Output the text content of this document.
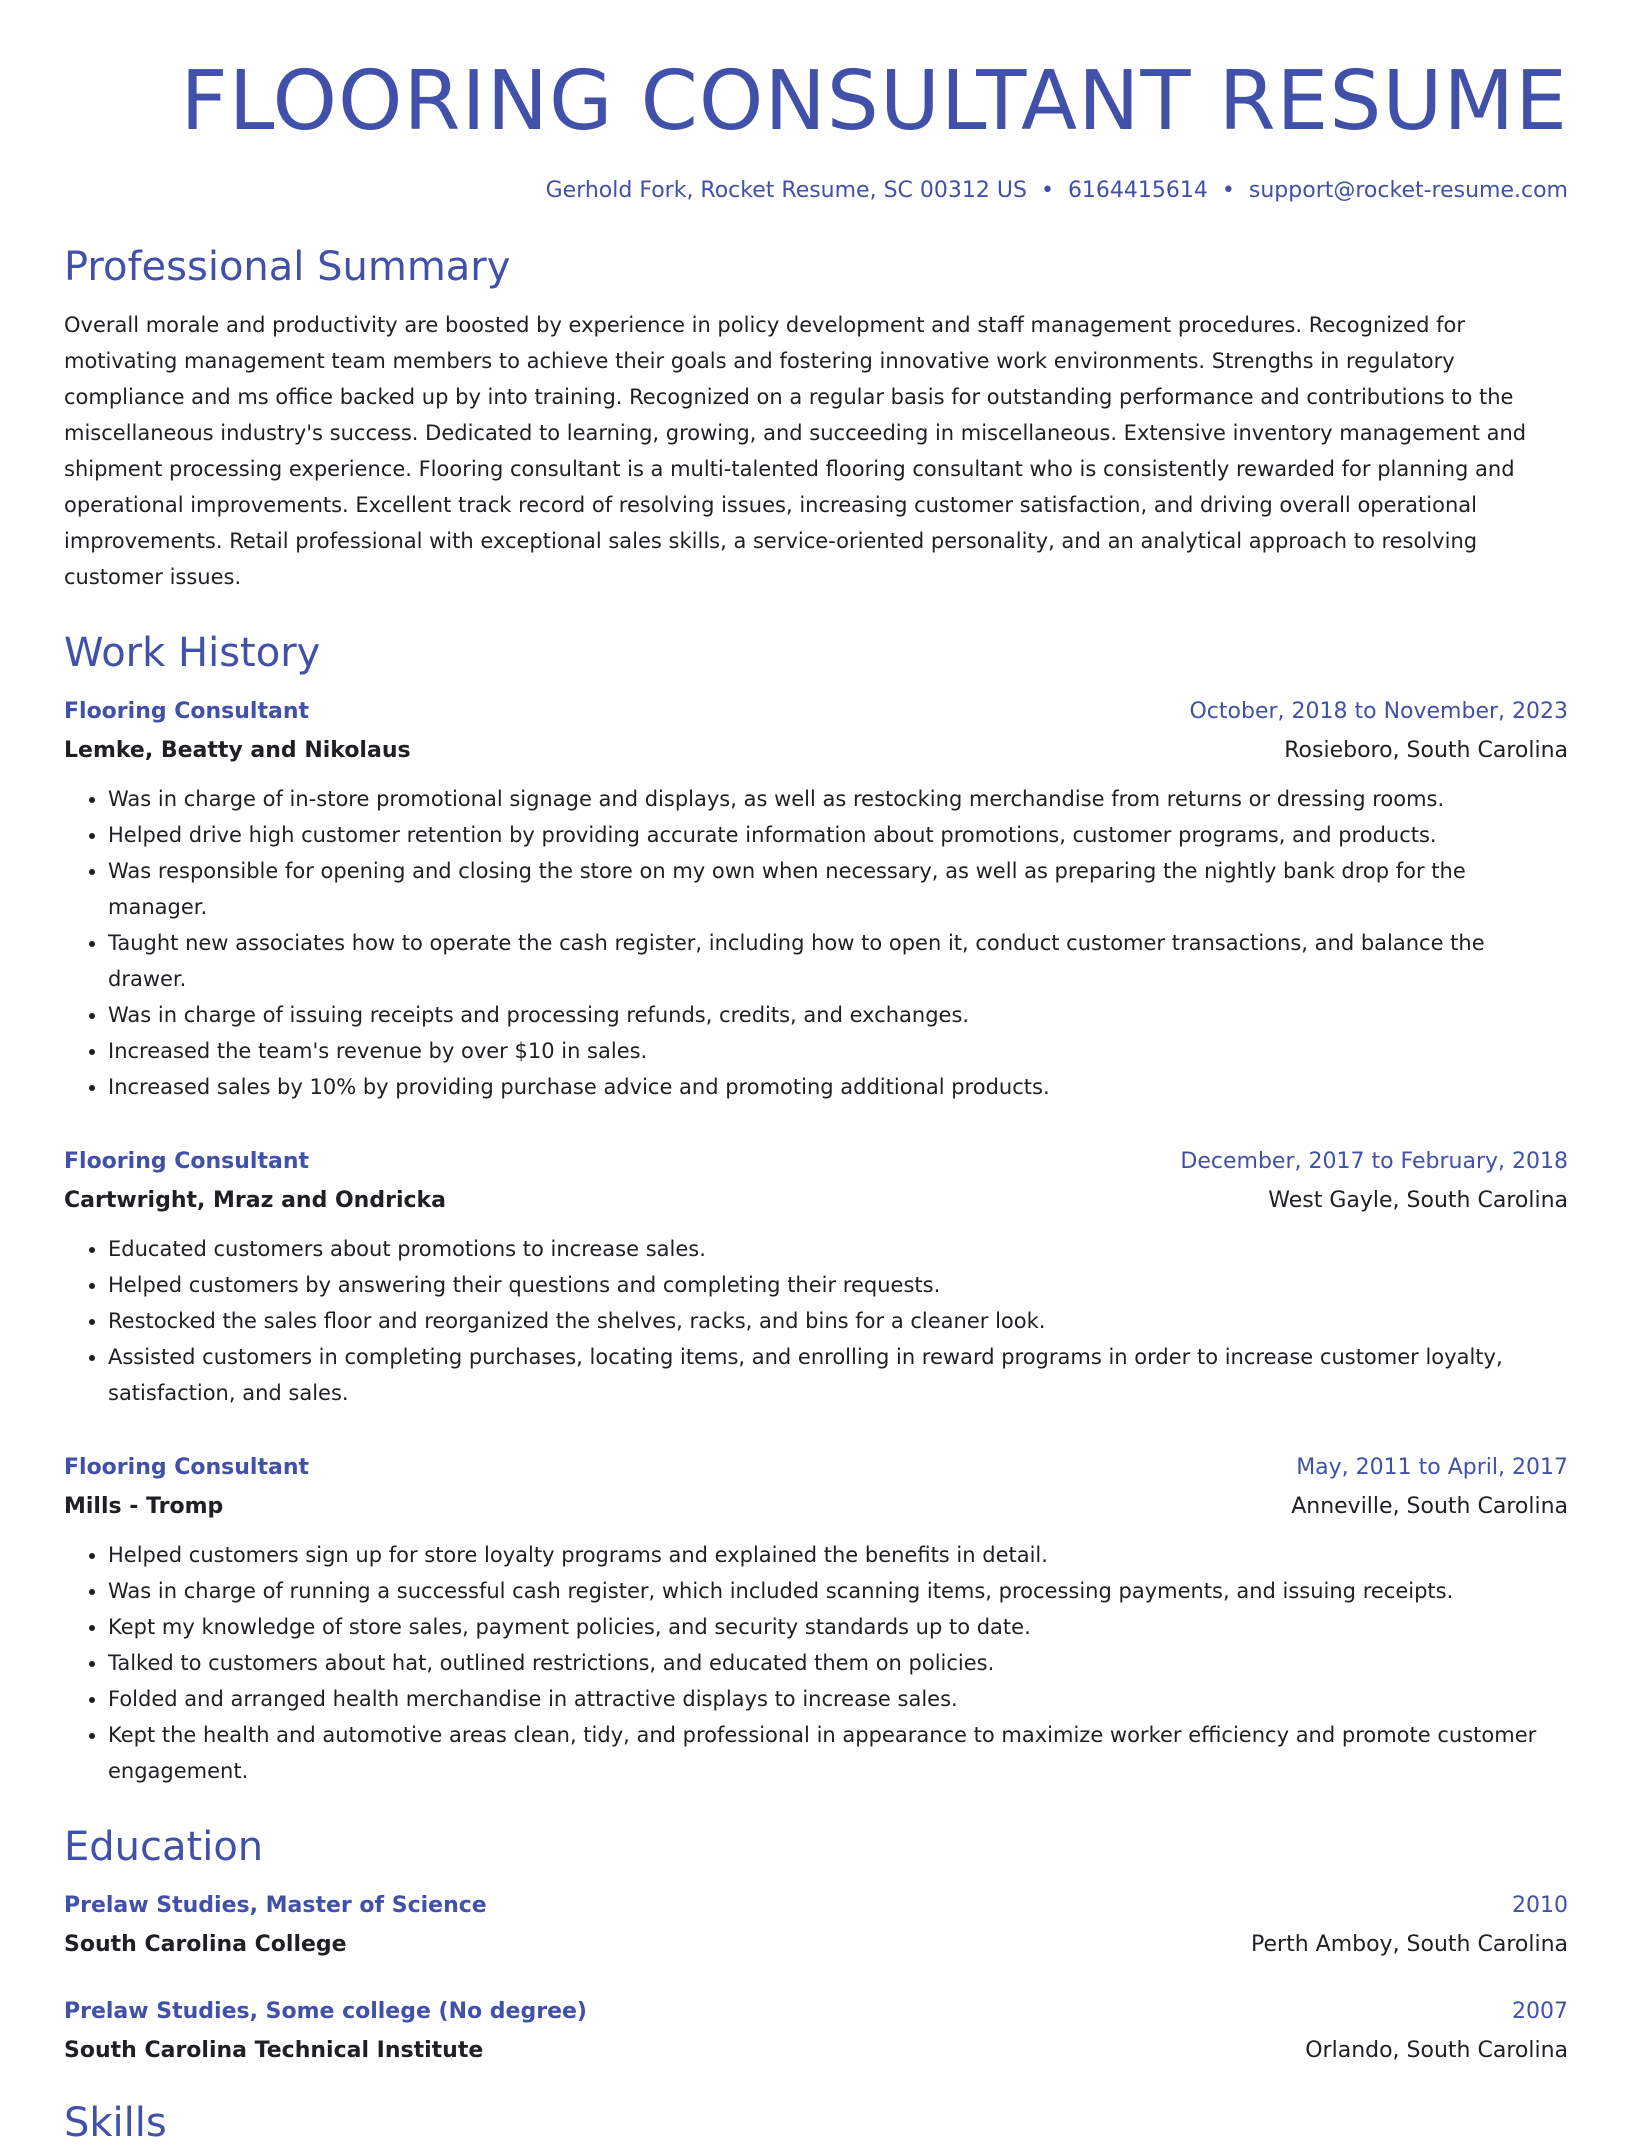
FLOORING CONSULTANT RESUME
Gerhold Fork, Rocket Resume, SC 00312 US • 6164415614 • support@rocket-resume.com
Professional Summary
Overall morale and productivity are boosted by experience in policy development and staff management procedures. Recognized for motivating management team members to achieve their goals and fostering innovative work environments. Strengths in regulatory compliance and ms office backed up by into training. Recognized on a regular basis for outstanding performance and contributions to the miscellaneous industry's success. Dedicated to learning, growing, and succeeding in miscellaneous. Extensive inventory management and shipment processing experience. Flooring consultant is a multi-talented flooring consultant who is consistently rewarded for planning and operational improvements. Excellent track record of resolving issues, increasing customer satisfaction, and driving overall operational improvements. Retail professional with exceptional sales skills, a service-oriented personality, and an analytical approach to resolving customer issues.
Work History
Flooring Consultant	October, 2018 to November, 2023
Lemke, Beatty and Nikolaus	Rosieboro, South Carolina
• Was in charge of in-store promotional signage and displays, as well as restocking merchandise from returns or dressing rooms.
• Helped drive high customer retention by providing accurate information about promotions, customer programs, and products.
• Was responsible for opening and closing the store on my own when necessary, as well as preparing the nightly bank drop for the manager.
• Taught new associates how to operate the cash register, including how to open it, conduct customer transactions, and balance the drawer.
• Was in charge of issuing receipts and processing refunds, credits, and exchanges.
• Increased the team's revenue by over $10 in sales.
• Increased sales by 10% by providing purchase advice and promoting additional products.
Flooring Consultant	December, 2017 to February, 2018
Cartwright, Mraz and Ondricka	West Gayle, South Carolina
• Educated customers about promotions to increase sales.
• Helped customers by answering their questions and completing their requests.
• Restocked the sales floor and reorganized the shelves, racks, and bins for a cleaner look.
• Assisted customers in completing purchases, locating items, and enrolling in reward programs in order to increase customer loyalty, satisfaction, and sales.
Flooring Consultant	May, 2011 to April, 2017
Mills - Tromp	Anneville, South Carolina
• Helped customers sign up for store loyalty programs and explained the benefits in detail.
• Was in charge of running a successful cash register, which included scanning items, processing payments, and issuing receipts.
• Kept my knowledge of store sales, payment policies, and security standards up to date.
• Talked to customers about hat, outlined restrictions, and educated them on policies.
• Folded and arranged health merchandise in attractive displays to increase sales.
• Kept the health and automotive areas clean, tidy, and professional in appearance to maximize worker efficiency and promote customer engagement.
Education
Prelaw Studies, Master of Science	2010
South Carolina College	Perth Amboy, South Carolina
Prelaw Studies, Some college (No degree)	2007
South Carolina Technical Institute	Orlando, South Carolina
Skills
